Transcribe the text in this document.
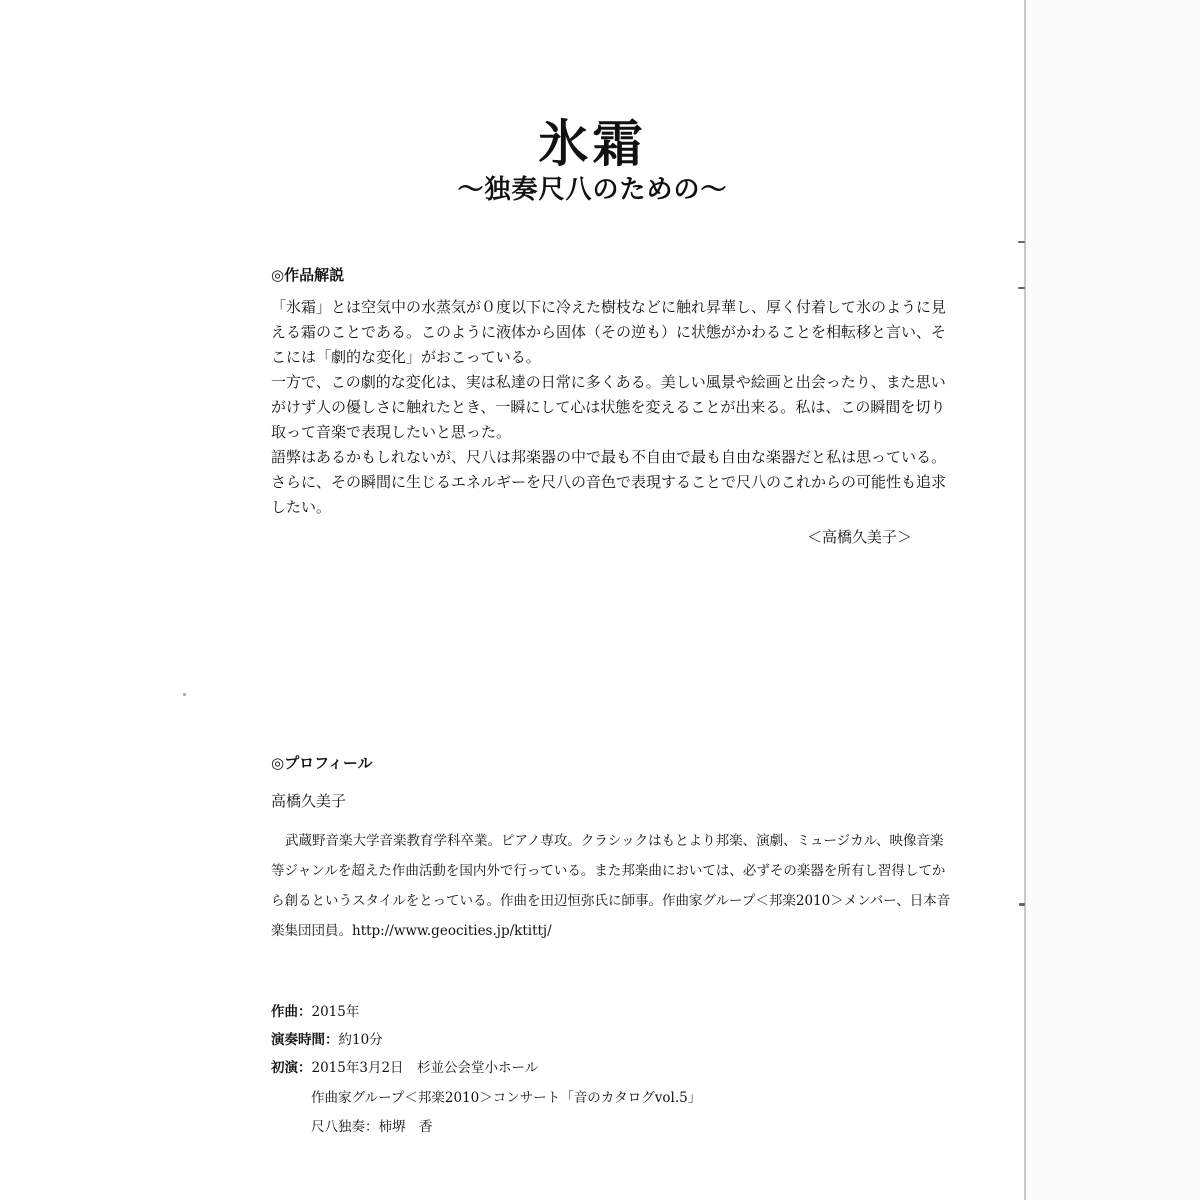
氷霜
〜独奏尺八のための〜
◎作品解説
「氷霜」とは空気中の水蒸気が０度以下に冷えた樹枝などに触れ昇華し、厚く付着して氷のように見
える霜のことである。このように液体から固体（その逆も）に状態がかわることを相転移と言い、そ
こには「劇的な変化」がおこっている。
一方で、この劇的な変化は、実は私達の日常に多くある。美しい風景や絵画と出会ったり、また思い
がけず人の優しさに触れたとき、一瞬にして心は状態を変えることが出来る。私は、この瞬間を切り
取って音楽で表現したいと思った。
語弊はあるかもしれないが、尺八は邦楽器の中で最も不自由で最も自由な楽器だと私は思っている。
さらに、その瞬間に生じるエネルギーを尺八の音色で表現することで尺八のこれからの可能性も追求
したい。
＜高橋久美子＞
◎プロフィール
高橋久美子
武蔵野音楽大学音楽教育学科卒業。ピアノ専攻。クラシックはもとより邦楽、演劇、ミュージカル、映像音楽
等ジャンルを超えた作曲活動を国内外で行っている。また邦楽曲においては、必ずその楽器を所有し習得してか
ら創るというスタイルをとっている。作曲を田辺恒弥氏に師事。作曲家グループ＜邦楽2010＞メンバー、日本音
楽集団団員。http://www.geocities.jp/ktittj/
作曲：2015年
演奏時間：約10分
初演：2015年3月2日　杉並公会堂小ホール
作曲家グループ＜邦楽2010＞コンサート「音のカタログvol.5」
尺八独奏：柿堺　香
